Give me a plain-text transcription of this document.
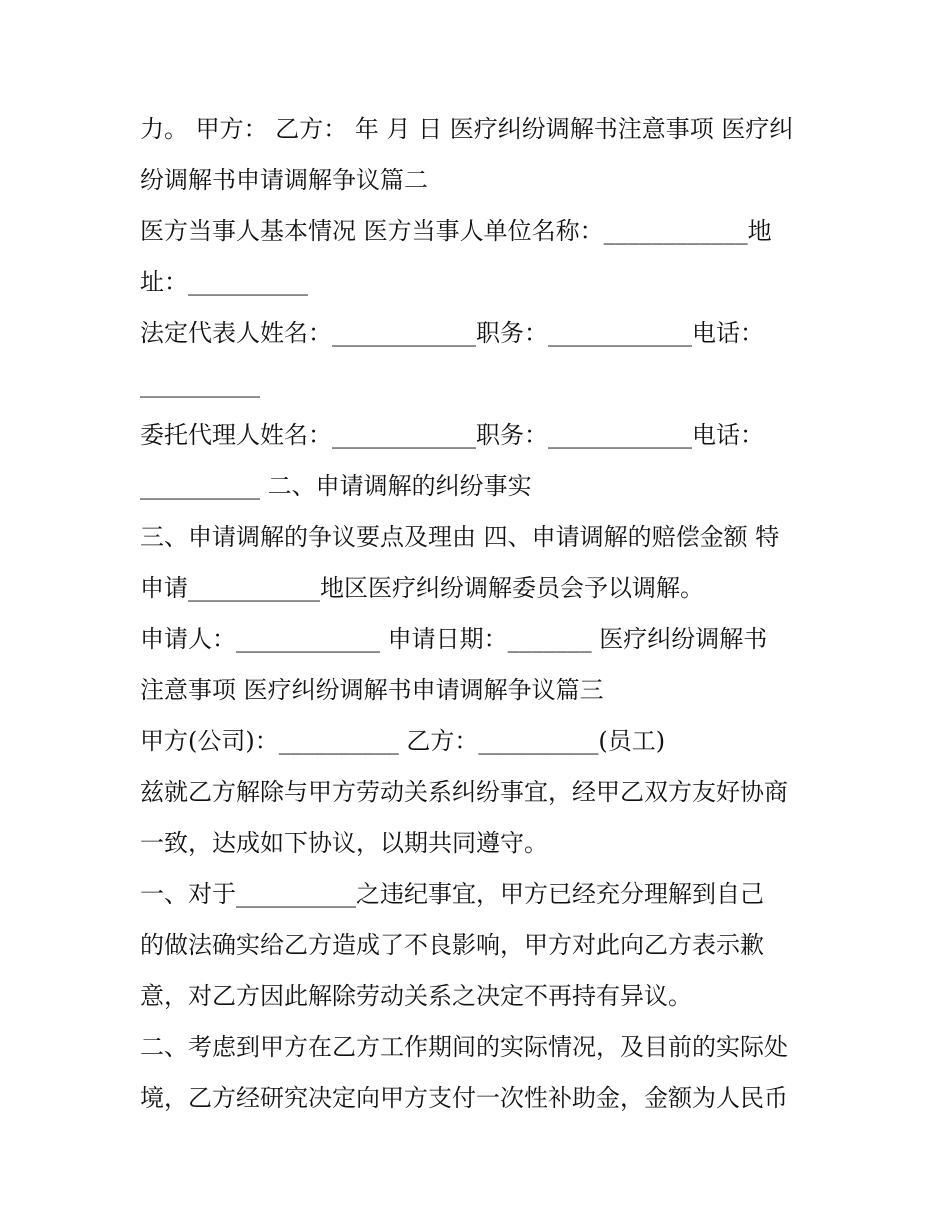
力。 甲方： 乙方： 年 月 日 医疗纠纷调解书注意事项 医疗纠
纷调解书申请调解争议篇二
医方当事人基本情况 医方当事人单位名称：____________地
址：__________
法定代表人姓名：____________职务：____________电话：
__________
委托代理人姓名：____________职务：____________电话：
__________ 二、申请调解的纠纷事实
三、申请调解的争议要点及理由 四、申请调解的赔偿金额 特
申请___________地区医疗纠纷调解委员会予以调解。
申请人：____________ 申请日期：_______ 医疗纠纷调解书
注意事项 医疗纠纷调解书申请调解争议篇三
甲方(公司)：__________ 乙方：__________(员工)
兹就乙方解除与甲方劳动关系纠纷事宜，经甲乙双方友好协商
一致，达成如下协议，以期共同遵守。
一、对于__________之违纪事宜，甲方已经充分理解到自己
的做法确实给乙方造成了不良影响，甲方对此向乙方表示歉
意，对乙方因此解除劳动关系之决定不再持有异议。
二、考虑到甲方在乙方工作期间的实际情况，及目前的实际处
境，乙方经研究决定向甲方支付一次性补助金，金额为人民币
